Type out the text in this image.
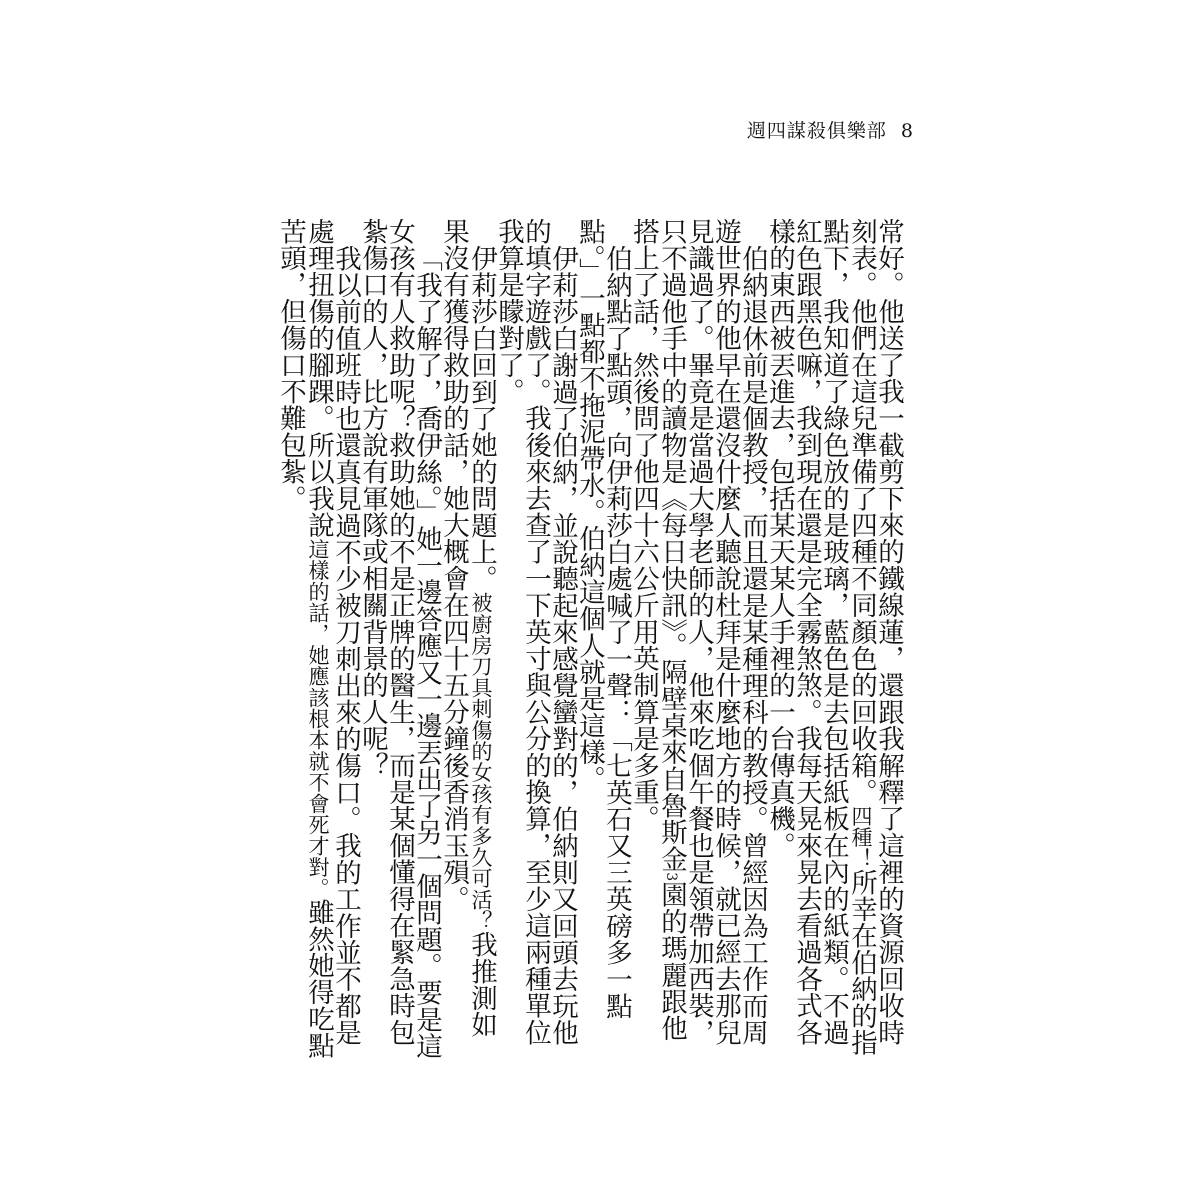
週四謀殺俱樂部 8

常好。他送了我一截剪下來的鐵線蓮，還跟我解釋了這裡的資源回收時刻表。他們在這兒準備了四種不同顏色的回收箱。四種！所幸在伯納的指點下，我知道了綠色放的是玻璃，藍色是去包括紙板在內的紙類。不過紅色跟黑色嘛，我到現在還是完全霧煞煞。我每天晃來晃去看過各式各樣的東西被丟進去，包括某天某人手裡的一台傳真機。

伯納退休前是個教授，而且還是某種理科的教授。曾經因為工作而周遊世界的他早在還沒什麼人聽說杜拜是什麼地方的時候，就已經去那兒見識過了。畢竟是當過大學老師的人，他來吃個午餐也是領帶加西裝，只不過他手中的讀物是《每日快訊》。隔壁桌來自魯斯金3園的瑪麗跟他搭上了話，然後問了他四十六公斤用英制算是多重。

伯納點了點頭，向伊莉莎白處喊了一聲：「七英石又三英磅多一點點。」一點都不拖泥帶水。伯納這個人就是這樣。

伊莉莎白謝過了伯納，並說聽起來感覺蠻對的，伯納則又回頭去玩他的填字遊戲了。我後來去查了一下英寸與公分的換算，至少這兩種單位我算是矇對了。

伊莉莎白回到了她的問題上。被廚房刀具刺傷的女孩有多久可活？我推測如果沒有獲得救助的話，她大概會在四十五分鐘後香消玉殞。

「我了解了，喬伊絲。」她一邊答應又一邊丟出了另一個問題。要是這女孩有人救助呢？救助她的不是正牌的醫生，而是某個懂得在緊急時包紮傷口的人，比方說有軍隊或相關背景的人呢？

我以前值班時也還真見過不少被刀刺出來的傷口。我的工作並不都是處理扭傷的腳踝。所以我說這樣的話，她應該根本就不會死才對。雖然她得吃點苦頭，但傷口不難包紮。
